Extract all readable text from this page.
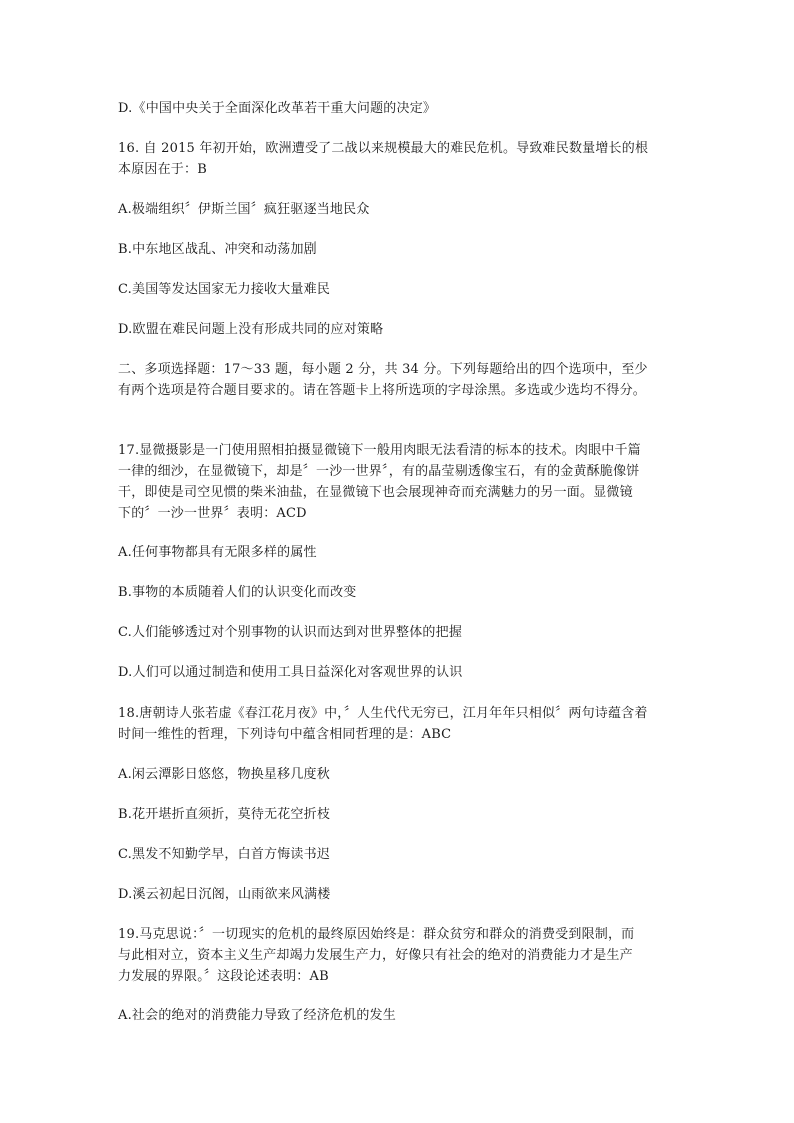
D.《中国中央关于全面深化改革若干重大问题的决定》
16. 自 2015 年初开始，欧洲遭受了二战以来规模最大的难民危机。导致难民数量增长的根
本原因在于：B
A.极端组织〞伊斯兰国〞疯狂驱逐当地民众
B.中东地区战乱、冲突和动荡加剧
C.美国等发达国家无力接收大量难民
D.欧盟在难民问题上没有形成共同的应对策略
二、多项选择题：17～33 题，每小题 2 分，共 34 分。下列每题给出的四个选项中，至少
有两个选项是符合题目要求的。请在答题卡上将所选项的字母涂黑。多选或少选均不得分。
17.显微摄影是一门使用照相拍摄显微镜下一般用肉眼无法看清的标本的技术。肉眼中千篇
一律的细沙，在显微镜下，却是〞一沙一世界〞，有的晶莹剔透像宝石，有的金黄酥脆像饼
干，即使是司空见惯的柴米油盐，在显微镜下也会展现神奇而充满魅力的另一面。显微镜
下的〞一沙一世界〞表明：ACD
A.任何事物都具有无限多样的属性
B.事物的本质随着人们的认识变化而改变
C.人们能够透过对个别事物的认识而达到对世界整体的把握
D.人们可以通过制造和使用工具日益深化对客观世界的认识
18.唐朝诗人张若虚《春江花月夜》中，〞人生代代无穷已，江月年年只相似〞两句诗蕴含着
时间一维性的哲理，下列诗句中蕴含相同哲理的是：ABC
A.闲云潭影日悠悠，物换星移几度秋
B.花开堪折直须折，莫待无花空折枝
C.黑发不知勤学早，白首方悔读书迟
D.溪云初起日沉阁，山雨欲来风满楼
19.马克思说：〞一切现实的危机的最终原因始终是：群众贫穷和群众的消费受到限制，而
与此相对立，资本主义生产却竭力发展生产力，好像只有社会的绝对的消费能力才是生产
力发展的界限。〞这段论述表明：AB
A.社会的绝对的消费能力导致了经济危机的发生
